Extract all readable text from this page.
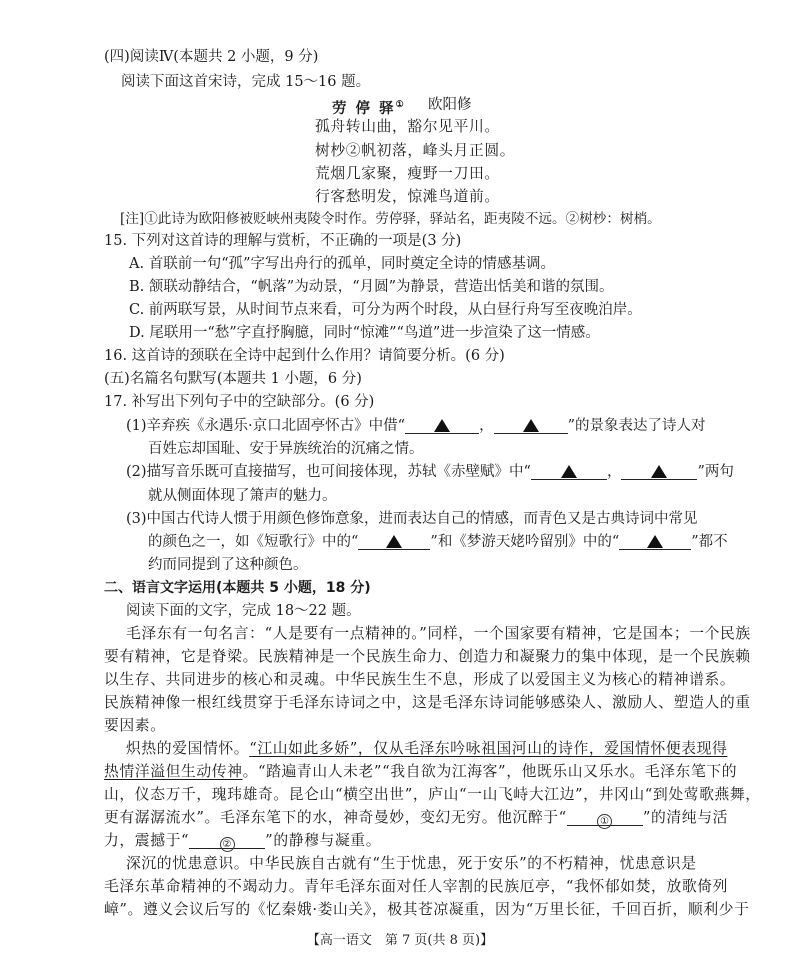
(四)阅读Ⅳ(本题共 2 小题，9 分)
阅读下面这首宋诗，完成 15～16 题。
劳 停 驿① 欧阳修
孤舟转山曲，豁尔见平川。
树杪②帆初落，峰头月正圆。
荒烟几家聚，瘦野一刀田。
行客愁明发，惊滩鸟道前。
[注]①此诗为欧阳修被贬峡州夷陵令时作。劳停驿，驿站名，距夷陵不远。②树杪：树梢。
15. 下列对这首诗的理解与赏析，不正确的一项是(3 分)
A. 首联前一句“孤”字写出舟行的孤单，同时奠定全诗的情感基调。
B. 颔联动静结合，“帆落”为动景，“月圆”为静景，营造出恬美和谐的氛围。
C. 前两联写景，从时间节点来看，可分为两个时段，从白昼行舟写至夜晚泊岸。
D. 尾联用一“愁”字直抒胸臆，同时“惊滩”“鸟道”进一步渲染了这一情感。
16. 这首诗的颈联在全诗中起到什么作用？请简要分析。(6 分)
(五)名篇名句默写(本题共 1 小题，6 分)
17. 补写出下列句子中的空缺部分。(6 分)
(1)辛弃疾《永遇乐·京口北固亭怀古》中借“	，	”的景象表达了诗人对
百姓忘却国耻、安于异族统治的沉痛之情。
(2)描写音乐既可直接描写，也可间接体现，苏轼《赤壁赋》中“	，	”两句
就从侧面体现了箫声的魅力。
(3)中国古代诗人惯于用颜色修饰意象，进而表达自己的情感，而青色又是古典诗词中常见
的颜色之一，如《短歌行》中的“	”和《梦游天姥吟留别》中的“	”都不
约而同提到了这种颜色。
二、语言文字运用(本题共 5 小题，18 分)
阅读下面的文字，完成 18～22 题。
毛泽东有一句名言：“人是要有一点精神的。”同样，一个国家要有精神，它是国本；一个民族
要有精神，它是脊梁。民族精神是一个民族生命力、创造力和凝聚力的集中体现，是一个民族赖
以生存、共同进步的核心和灵魂。中华民族生生不息，形成了以爱国主义为核心的精神谱系。
民族精神像一根红线贯穿于毛泽东诗词之中，这是毛泽东诗词能够感染人、激励人、塑造人的重
要因素。
炽热的爱国情怀。“江山如此多娇”，仅从毛泽东吟咏祖国河山的诗作，爱国情怀便表现得
热情洋溢但生动传神。“踏遍青山人未老”“我自欲为江海客”，他既乐山又乐水。毛泽东笔下的
山，仪态万千，瑰玮雄奇。昆仑山“横空出世”，庐山“一山飞峙大江边”，井冈山“到处莺歌燕舞，
更有潺潺流水”。毛泽东笔下的水，神奇曼妙，变幻无穷。他沉醉于“	① ”的清纯与活
力，震撼于“	② ”的静穆与凝重。
深沉的忧患意识。中华民族自古就有“生于忧患，死于安乐”的不朽精神，忧患意识是
毛泽东革命精神的不竭动力。青年毛泽东面对任人宰割的民族厄亭，“我怀郁如焚，放歌倚列
嶂”。遵义会议后写的《忆秦娥·娄山关》，极其苍凉凝重，因为“万里长征，千回百折，顺利少于
【高一语文　第 7 页(共 8 页)】
